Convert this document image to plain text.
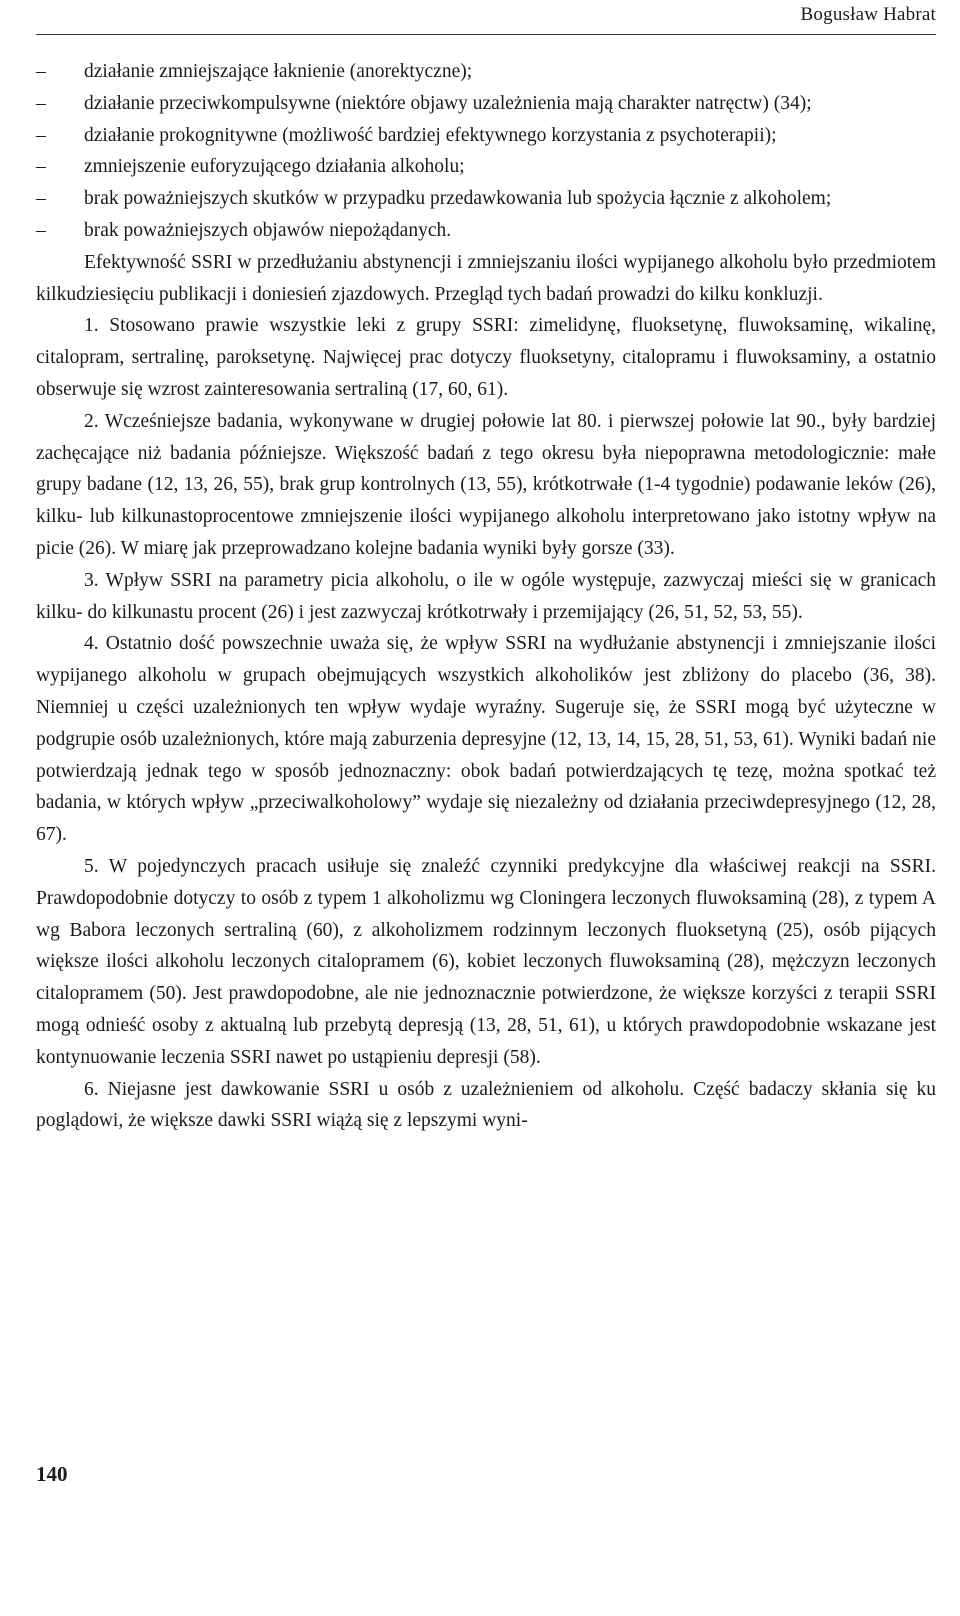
Bogusław Habrat
– działanie zmniejszające łaknienie (anorektyczne);
– działanie przeciwkompulsywne (niektóre objawy uzależnienia mają charakter natręctw) (34);
– działanie prokognitywne (możliwość bardziej efektywnego korzystania z psychoterapii);
– zmniejszenie euforyzującego działania alkoholu;
– brak poważniejszych skutków w przypadku przedawkowania lub spożycia łącznie z alkoholem;
– brak poważniejszych objawów niepożądanych.

Efektywność SSRI w przedłużaniu abstynencji i zmniejszaniu ilości wypijanego alkoholu było przedmiotem kilkudziesięciu publikacji i doniesień zjazdowych. Przegląd tych badań prowadzi do kilku konkluzji.

1. Stosowano prawie wszystkie leki z grupy SSRI: zimelidynę, fluoksetynę, fluwoksaminę, wikalinę, citalopram, sertralinę, paroksetynę. Najwięcej prac dotyczy fluoksetyny, citalopramu i fluwoksaminy, a ostatnio obserwuje się wzrost zainteresowania sertraliną (17, 60, 61).

2. Wcześniejsze badania, wykonywane w drugiej połowie lat 80. i pierwszej połowie lat 90., były bardziej zachęcające niż badania późniejsze. Większość badań z tego okresu była niepoprawna metodologicznie: małe grupy badane (12, 13, 26, 55), brak grup kontrolnych (13, 55), krótkotrwałe (1-4 tygodnie) podawanie leków (26), kilku- lub kilkunastoprocentowe zmniejszenie ilości wypijanego alkoholu interpretowano jako istotny wpływ na picie (26). W miarę jak przeprowadzano kolejne badania wyniki były gorsze (33).

3. Wpływ SSRI na parametry picia alkoholu, o ile w ogóle występuje, zazwyczaj mieści się w granicach kilku- do kilkunastu procent (26) i jest zazwyczaj krótkotrwały i przemijający (26, 51, 52, 53, 55).

4. Ostatnio dość powszechnie uważa się, że wpływ SSRI na wydłużanie abstynencji i zmniejszanie ilości wypijanego alkoholu w grupach obejmujących wszystkich alkoholików jest zbliżony do placebo (36, 38). Niemniej u części uzależnionych ten wpływ wydaje wyraźny. Sugeruje się, że SSRI mogą być użyteczne w podgrupie osób uzależnionych, które mają zaburzenia depresyjne (12, 13, 14, 15, 28, 51, 53, 61). Wyniki badań nie potwierdzają jednak tego w sposób jednoznaczny: obok badań potwierdzających tę tezę, można spotkać też badania, w których wpływ „przeciwalkoholowy” wydaje się niezależny od działania przeciwdepresyjnego (12, 28, 67).

5. W pojedynczych pracach usiłuje się znaleźć czynniki predykcyjne dla właściwej reakcji na SSRI. Prawdopodobnie dotyczy to osób z typem 1 alkoholizmu wg Cloningera leczonych fluwoksaminą (28), z typem A wg Babora leczonych sertraliną (60), z alkoholizmem rodzinnym leczonych fluoksetyną (25), osób pijących większe ilości alkoholu leczonych citalopramem (6), kobiet leczonych fluwoksaminą (28), mężczyzn leczonych citalopramem (50). Jest prawdopodobne, ale nie jednoznacznie potwierdzone, że większe korzyści z terapii SSRI mogą odnieść osoby z aktualną lub przebytą depresją (13, 28, 51, 61), u których prawdopodobnie wskazane jest kontynuowanie leczenia SSRI nawet po ustąpieniu depresji (58).

6. Niejasne jest dawkowanie SSRI u osób z uzależnieniem od alkoholu. Część badaczy skłania się ku poglądowi, że większe dawki SSRI wiążą się z lepszymi wyni-

140
